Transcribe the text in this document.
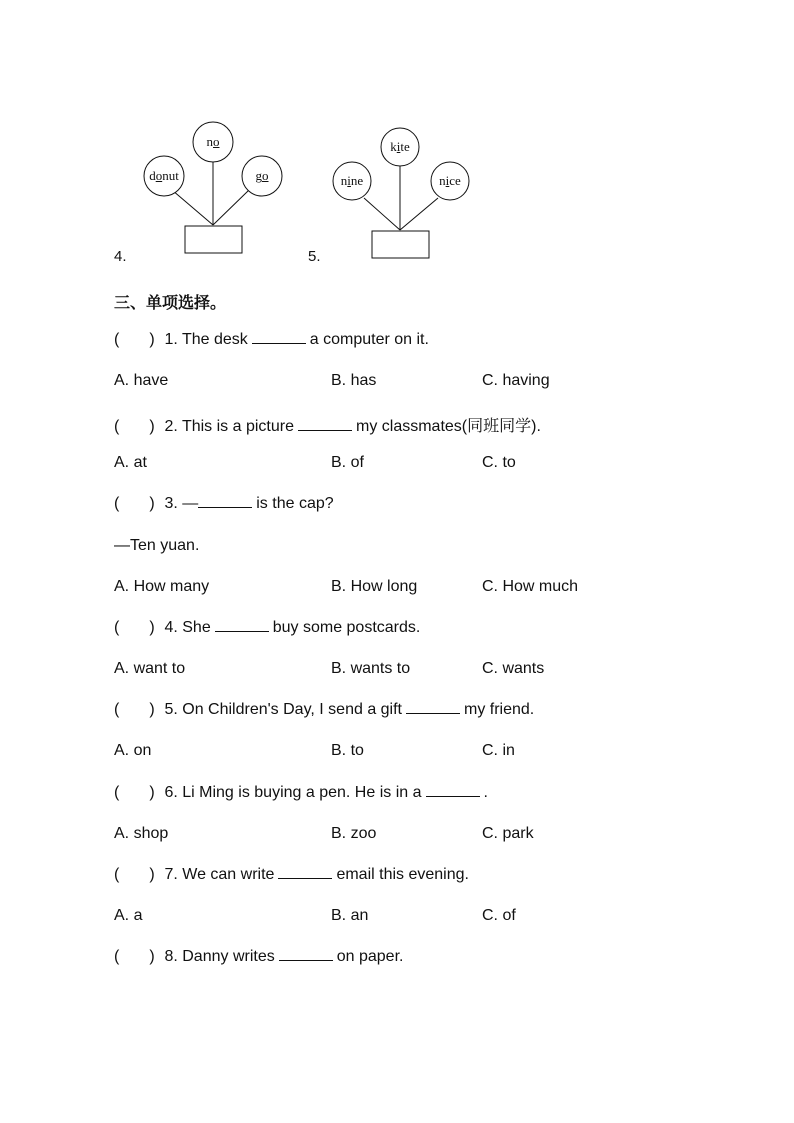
donut
no
go
4.
nine
kite
nice
5.
三、单项选择。
( ) 1. The desk	a computer on it.
A. have	B. has	C. having
( ) 2. This is a picture	my classmates(同班同学).
A. at	B. of	C. to
( ) 3. —	is the cap?
—Ten yuan.
A. How many	B. How long	C. How much
( ) 4. She	buy some postcards.
A. want to	B. wants to	C. wants
( ) 5. On Children's Day, I send a gift	my friend.
A. on	B. to	C. in
( ) 6. Li Ming is buying a pen. He is in a	.
A. shop	B. zoo	C. park
( ) 7. We can write	email this evening.
A. a	B. an	C. of
( ) 8. Danny writes	on paper.
